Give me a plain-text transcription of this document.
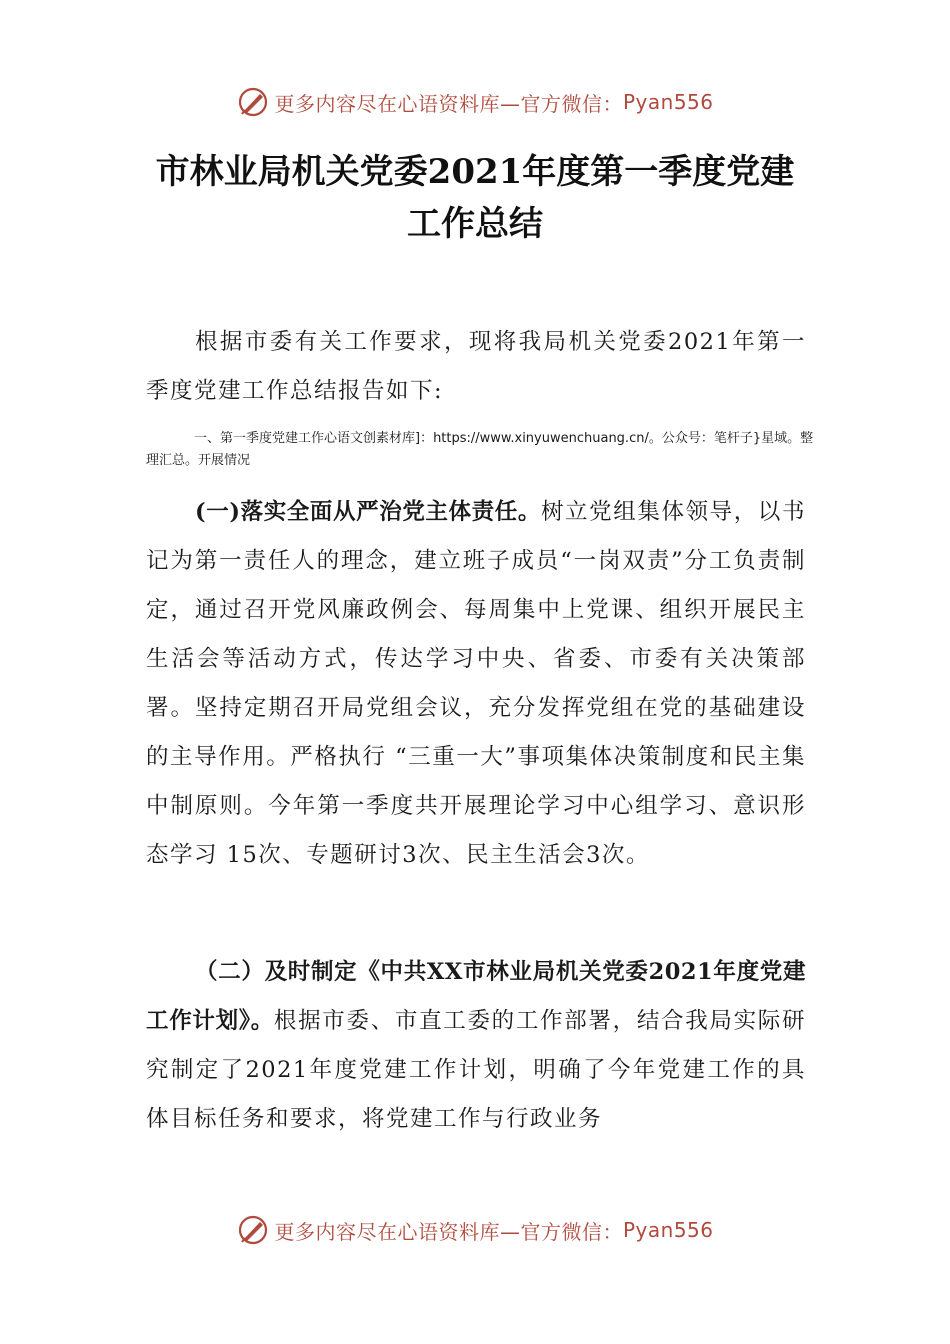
更多内容尽在心语资料库—官方微信： Pyan556
市林业局机关党委2021年度第一季度党建
工作总结

根据市委有关工作要求，现将我局机关党委2021年第一季度党建工作总结报告如下:

一、第一季度党建工作心语文创素材库]：https://www.xinyuwenchuang.cn/。公众号：笔杆子}星域。整理汇总。开展情况

(一)落实全面从严治党主体责任。树立党组集体领导，以书记为第一责任人的理念，建立班子成员“一岗双责”分工负责制定，通过召开党风廉政例会、每周集中上党课、组织开展民主生活会等活动方式，传达学习中央、省委、市委有关决策部署。坚持定期召开局党组会议，充分发挥党组在党的基础建设的主导作用。严格执行 “三重一大”事项集体决策制度和民主集中制原则。今年第一季度共开展理论学习中心组学习、意识形态学习 15次、专题研讨3次、民主生活会3次。

（二）及时制定《中共XX市林业局机关党委2021年度党建工作计划》。根据市委、市直工委的工作部署，结合我局实际研究制定了2021年度党建工作计划，明确了今年党建工作的具体目标任务和要求，将党建工作与行政业务

更多内容尽在心语资料库—官方微信： Pyan556
